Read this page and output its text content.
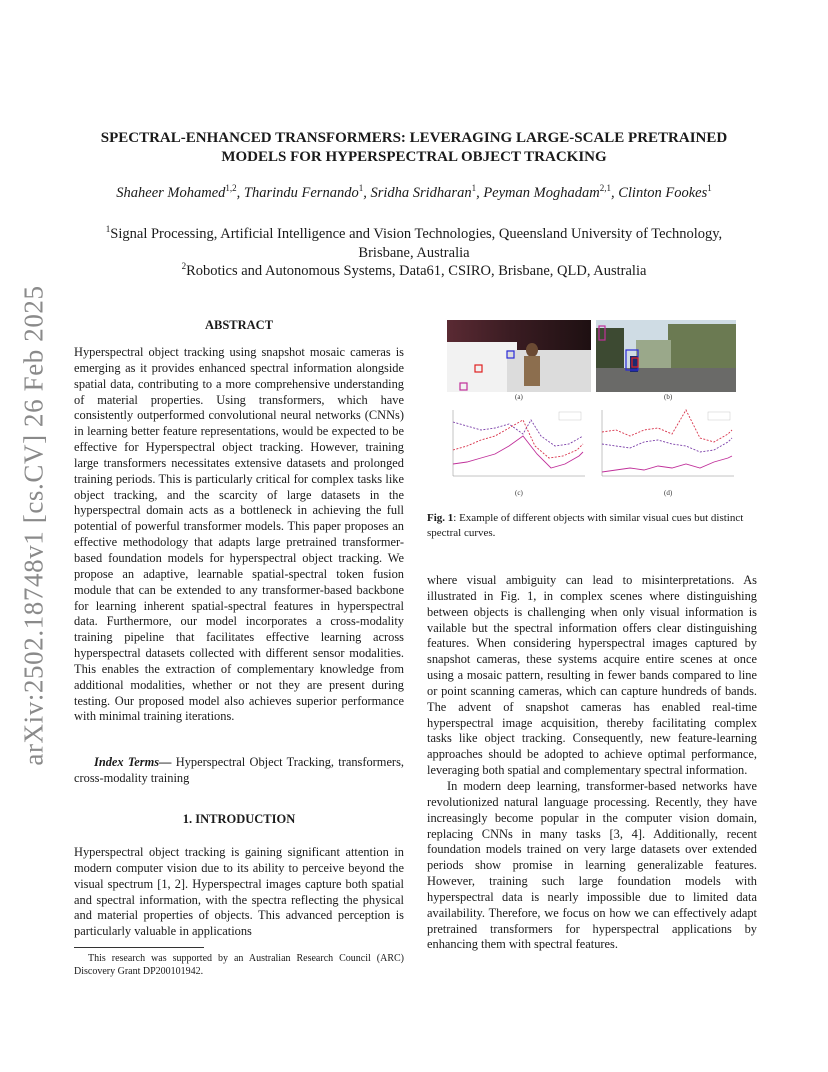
arXiv:2502.18748v1 [cs.CV] 26 Feb 2025
SPECTRAL-ENHANCED TRANSFORMERS: LEVERAGING LARGE-SCALE PRETRAINED
MODELS FOR HYPERSPECTRAL OBJECT TRACKING
Shaheer Mohamed$^{1,2}$, Tharindu Fernando$^1$, Sridha Sridharan$^1$, Peyman Moghadam$^{2,1}$, Clinton Fookes$^1$
$^1$Signal Processing, Artificial Intelligence and Vision Technologies, Queensland University of Technology,
Brisbane, Australia
$^2$Robotics and Autonomous Systems, Data61, CSIRO, Brisbane, QLD, Australia
ABSTRACT

Hyperspectral object tracking using snapshot mosaic cameras is emerging as it provides enhanced spectral information alongside spatial data, contributing to a more comprehensive understanding of material properties. Using transformers, which have consistently outperformed convolutional neural networks (CNNs) in learning better feature representations, would be expected to be effective for Hyperspectral object tracking. However, training large transformers necessitates extensive datasets and prolonged training periods. This is particularly critical for complex tasks like object tracking, and the scarcity of large datasets in the hyperspectral domain acts as a bottleneck in achieving the full potential of powerful transformer models. This paper proposes an effective methodology that adapts large pretrained transformer-based foundation models for hyperspectral object tracking. We propose an adaptive, learnable spatial-spectral token fusion module that can be extended to any transformer-based backbone for learning inherent spatial-spectral features in hyperspectral data. Furthermore, our model incorporates a cross-modality training pipeline that facilitates effective learning across hyperspectral datasets collected with different sensor modalities. This enables the extraction of complementary knowledge from additional modalities, whether or not they are present during testing. Our proposed model also achieves superior performance with minimal training iterations.

Index Terms— Hyperspectral Object Tracking, transformers, cross-modality training

1. INTRODUCTION

Hyperspectral object tracking is gaining significant attention in modern computer vision due to its ability to perceive beyond the visual spectrum [1, 2]. Hyperspectral images capture both spatial and spectral information, with the spectra reflecting the physical and material properties of objects. This advanced perception is particularly valuable in applications

This research was supported by an Australian Research Council (ARC) Discovery Grant DP200101942.
(a)	(b)
(c)	(d)
Fig. 1: Example of different objects with similar visual cues but distinct spectral curves.

where visual ambiguity can lead to misinterpretations. As illustrated in Fig. 1, in complex scenes where distinguishing between objects is challenging when only visual information is vailable but the spectral information offers clear distinguishing features. When considering hyperspectral images captured by snapshot cameras, these systems acquire entire scenes at once using a mosaic pattern, resulting in fewer bands compared to line or point scanning cameras, which can capture hundreds of bands. The advent of snapshot cameras has enabled real-time hyperspectral image acquisition, thereby facilitating complex tasks like object tracking. Consequently, new feature-learning approaches should be adopted to achieve optimal performance, leveraging both spatial and complementary spectral information.

In modern deep learning, transformer-based networks have revolutionized natural language processing. Recently, they have increasingly become popular in the computer vision domain, replacing CNNs in many tasks [3, 4]. Additionally, recent foundation models trained on very large datasets over extended periods show promise in learning generalizable features. However, training such large foundation models with hyperspectral data is nearly impossible due to limited data availability. Therefore, we focus on how we can effectively adapt pretrained transformers for hyperspectral applications by enhancing them with spectral features.
